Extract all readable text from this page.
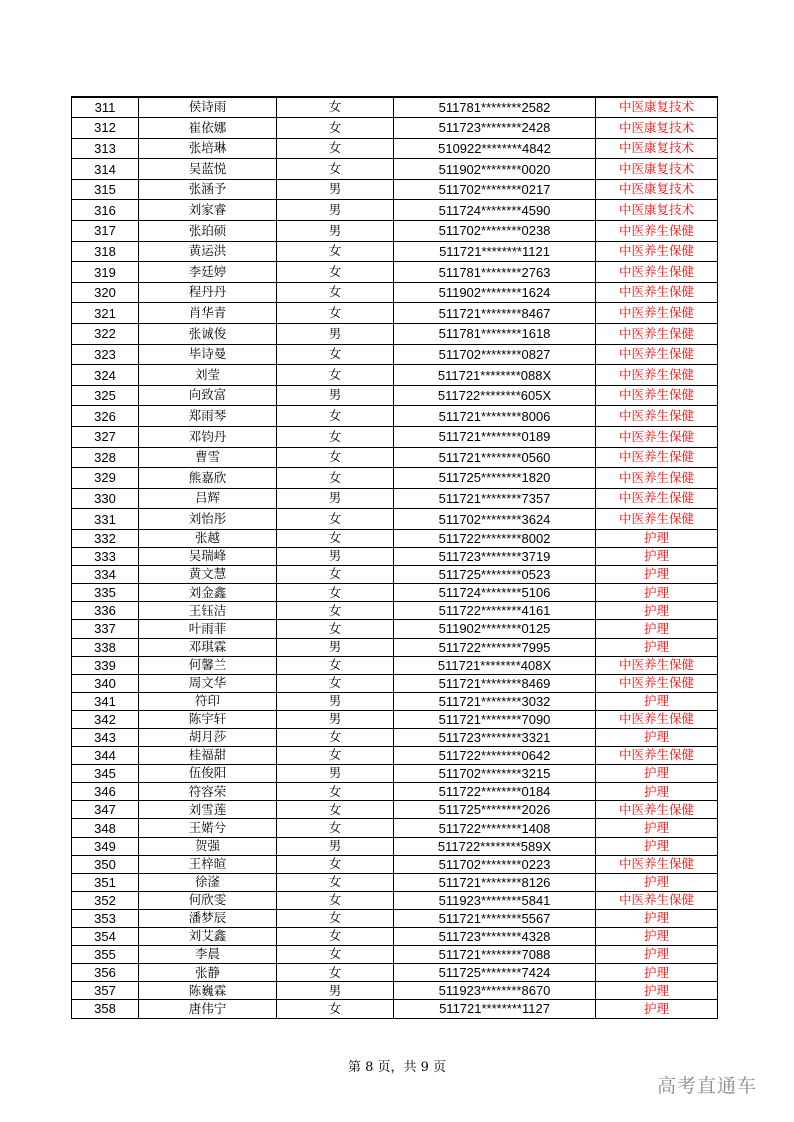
311	侯诗雨	女	511781********2582	中医康复技术
312	崔依娜	女	511723********2428	中医康复技术
313	张培琳	女	510922********4842	中医康复技术
314	吴蓝悦	女	511902********0020	中医康复技术
315	张涵予	男	511702********0217	中医康复技术
316	刘家睿	男	511724********4590	中医康复技术
317	张珀硕	男	511702********0238	中医养生保健
318	黄运洪	女	511721********1121	中医养生保健
319	李廷婷	女	511781********2763	中医养生保健
320	程丹丹	女	511902********1624	中医养生保健
321	肖华青	女	511721********8467	中医养生保健
322	张诚俊	男	511781********1618	中医养生保健
323	毕诗曼	女	511702********0827	中医养生保健
324	刘莹	女	511721********088X	中医养生保健
325	向致富	男	511722********605X	中医养生保健
326	郑雨琴	女	511721********8006	中医养生保健
327	邓钧丹	女	511721********0189	中医养生保健
328	曹雪	女	511721********0560	中医养生保健
329	熊嘉欣	女	511725********1820	中医养生保健
330	吕辉	男	511721********7357	中医养生保健
331	刘怡彤	女	511702********3624	中医养生保健
332	张越	女	511722********8002	护理
333	吴瑞峰	男	511723********3719	护理
334	黄文慧	女	511725********0523	护理
335	刘金鑫	女	511724********5106	护理
336	王钰洁	女	511722********4161	护理
337	叶雨菲	女	511902********0125	护理
338	邓琪霖	男	511722********7995	护理
339	何馨兰	女	511721********408X	中医养生保健
340	周文华	女	511721********8469	中医养生保健
341	符印	男	511721********3032	护理
342	陈宇轩	男	511721********7090	中医养生保健
343	胡月莎	女	511723********3321	护理
344	桂福甜	女	511722********0642	中医养生保健
345	伍俊阳	男	511702********3215	护理
346	符容荣	女	511722********0184	护理
347	刘雪莲	女	511725********2026	中医养生保健
348	王婼兮	女	511722********1408	护理
349	贺强	男	511722********589X	护理
350	王梓暄	女	511702********0223	中医养生保健
351	徐滏	女	511721********8126	护理
352	何欣雯	女	511923********5841	中医养生保健
353	潘梦辰	女	511721********5567	护理
354	刘艾鑫	女	511723********4328	护理
355	李晨	女	511721********7088	护理
356	张静	女	511725********7424	护理
357	陈巍霖	男	511923********8670	护理
358	唐伟宁	女	511721********1127	护理
第 8 页，共 9 页
高考直通车
